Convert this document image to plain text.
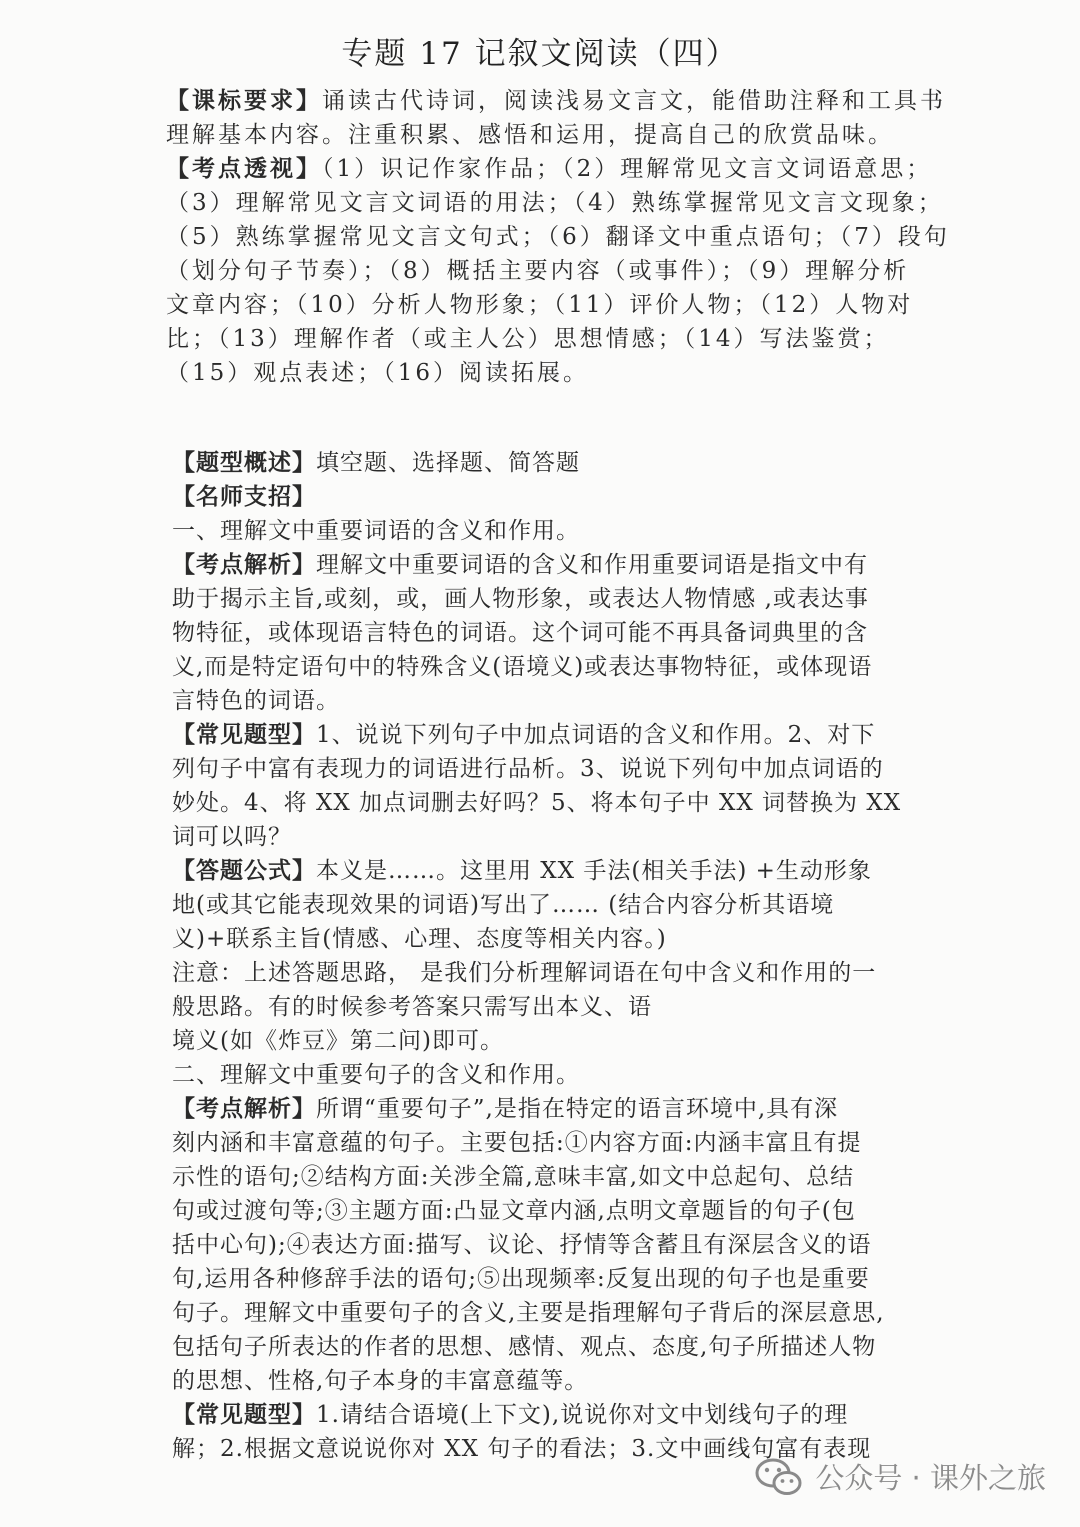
专题 17 记叙文阅读（四）
【课标要求】诵读古代诗词，阅读浅易文言文，能借助注释和工具书
理解基本内容。注重积累、感悟和运用，提高自己的欣赏品味。
【考点透视】（1）识记作家作品；（2）理解常见文言文词语意思；
（3）理解常见文言文词语的用法；（4）熟练掌握常见文言文现象；
（5）熟练掌握常见文言文句式；（6）翻译文中重点语句；（7）段句
（划分句子节奏）；（8）概括主要内容（或事件）；（9）理解分析
文章内容；（10）分析人物形象；（11）评价人物；（12）人物对
比；（13）理解作者（或主人公）思想情感；（14）写法鉴赏；
（15）观点表述；（16）阅读拓展。
【题型概述】填空题、选择题、简答题
【名师支招】
一、理解文中重要词语的含义和作用。
【考点解析】理解文中重要词语的含义和作用重要词语是指文中有
助于揭示主旨,或刻，或，画人物形象，或表达人物情感 ,或表达事
物特征，或体现语言特色的词语。这个词可能不再具备词典里的含
义,而是特定语句中的特殊含义(语境义)或表达事物特征，或体现语
言特色的词语。
【常见题型】1、说说下列句子中加点词语的含义和作用。2、对下
列句子中富有表现力的词语进行品析。3、说说下列句中加点词语的
妙处。4、将 XX 加点词删去好吗？5、将本句子中 XX 词替换为 XX
词可以吗？
【答题公式】本义是……。这里用 XX 手法(相关手法) +生动形象
地(或其它能表现效果的词语)写出了…… (结合内容分析其语境
义)+联系主旨(情感、心理、态度等相关内容。)
注意：上述答题思路， 是我们分析理解词语在句中含义和作用的一
般思路。有的时候参考答案只需写出本义、语
境义(如《炸豆》第二问)即可。
二、理解文中重要句子的含义和作用。
【考点解析】所谓“重要句子”,是指在特定的语言环境中,具有深
刻内涵和丰富意蕴的句子。主要包括:①内容方面:内涵丰富且有提
示性的语句;②结构方面:关涉全篇,意味丰富,如文中总起句、总结
句或过渡句等;③主题方面:凸显文章内涵,点明文章题旨的句子(包
括中心句);④表达方面:描写、议论、抒情等含蓄且有深层含义的语
句,运用各种修辞手法的语句;⑤出现频率:反复出现的句子也是重要
句子。理解文中重要句子的含义,主要是指理解句子背后的深层意思,
包括句子所表达的作者的思想、感情、观点、态度,句子所描述人物
的思想、性格,句子本身的丰富意蕴等。
【常见题型】1.请结合语境(上下文),说说你对文中划线句子的理
解；2.根据文意说说你对 XX 句子的看法；3.文中画线句富有表现
公众号 · 课外之旅
